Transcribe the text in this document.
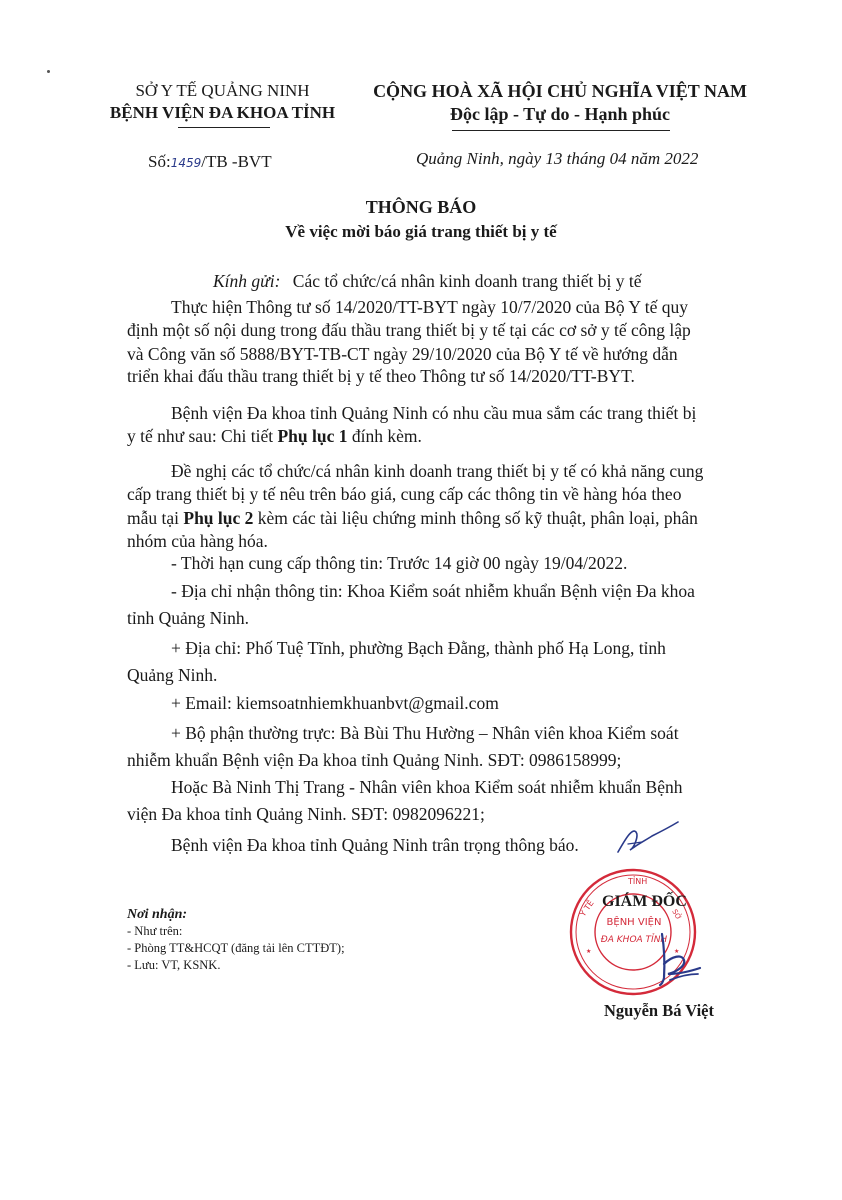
SỞ Y TẾ QUẢNG NINH
BỆNH VIỆN ĐA KHOA TỈNH
CỘNG HOÀ XÃ HỘI CHỦ NGHĨA VIỆT NAM
Độc lập - Tự do - Hạnh phúc
Số:1459/TB -BVT	Quảng Ninh, ngày 13 tháng 04 năm 2022
THÔNG BÁO
Về việc mời báo giá trang thiết bị y tế
Kính gửi: Các tổ chức/cá nhân kinh doanh trang thiết bị y tế
Thực hiện Thông tư số 14/2020/TT-BYT ngày 10/7/2020 của Bộ Y tế quy
định một số nội dung trong đấu thầu trang thiết bị y tế tại các cơ sở y tế công lập
và Công văn số 5888/BYT-TB-CT ngày 29/10/2020 của Bộ Y tế về hướng dẫn
triển khai đấu thầu trang thiết bị y tế theo Thông tư số 14/2020/TT-BYT.
Bệnh viện Đa khoa tỉnh Quảng Ninh có nhu cầu mua sắm các trang thiết bị
y tế như sau: Chi tiết Phụ lục 1 đính kèm.
Đề nghị các tổ chức/cá nhân kinh doanh trang thiết bị y tế có khả năng cung
cấp trang thiết bị y tế nêu trên báo giá, cung cấp các thông tin về hàng hóa theo
mẫu tại Phụ lục 2 kèm các tài liệu chứng minh thông số kỹ thuật, phân loại, phân
nhóm của hàng hóa.
- Thời hạn cung cấp thông tin: Trước 14 giờ 00 ngày 19/04/2022.
- Địa chỉ nhận thông tin: Khoa Kiểm soát nhiễm khuẩn Bệnh viện Đa khoa
tỉnh Quảng Ninh.
+ Địa chỉ: Phố Tuệ Tĩnh, phường Bạch Đằng, thành phố Hạ Long, tỉnh
Quảng Ninh.
+ Email: kiemsoatnhiemkhuanbvt@gmail.com
+ Bộ phận thường trực: Bà Bùi Thu Hường – Nhân viên khoa Kiểm soát
nhiễm khuẩn Bệnh viện Đa khoa tỉnh Quảng Ninh. SĐT: 0986158999;
Hoặc Bà Ninh Thị Trang - Nhân viên khoa Kiểm soát nhiễm khuẩn Bệnh
viện Đa khoa tỉnh Quảng Ninh. SĐT: 0982096221;
Bệnh viện Đa khoa tỉnh Quảng Ninh trân trọng thông báo.
Nơi nhận:
- Như trên:
- Phòng TT&HCQT (đăng tải lên CTTĐT);
- Lưu: VT, KSNK.
TỈNH
Y TẾ	SỞ
BỆNH VIỆN
ĐA KHOA TỈNH
★	★
GIÁM ĐỐC
Nguyễn Bá Việt
